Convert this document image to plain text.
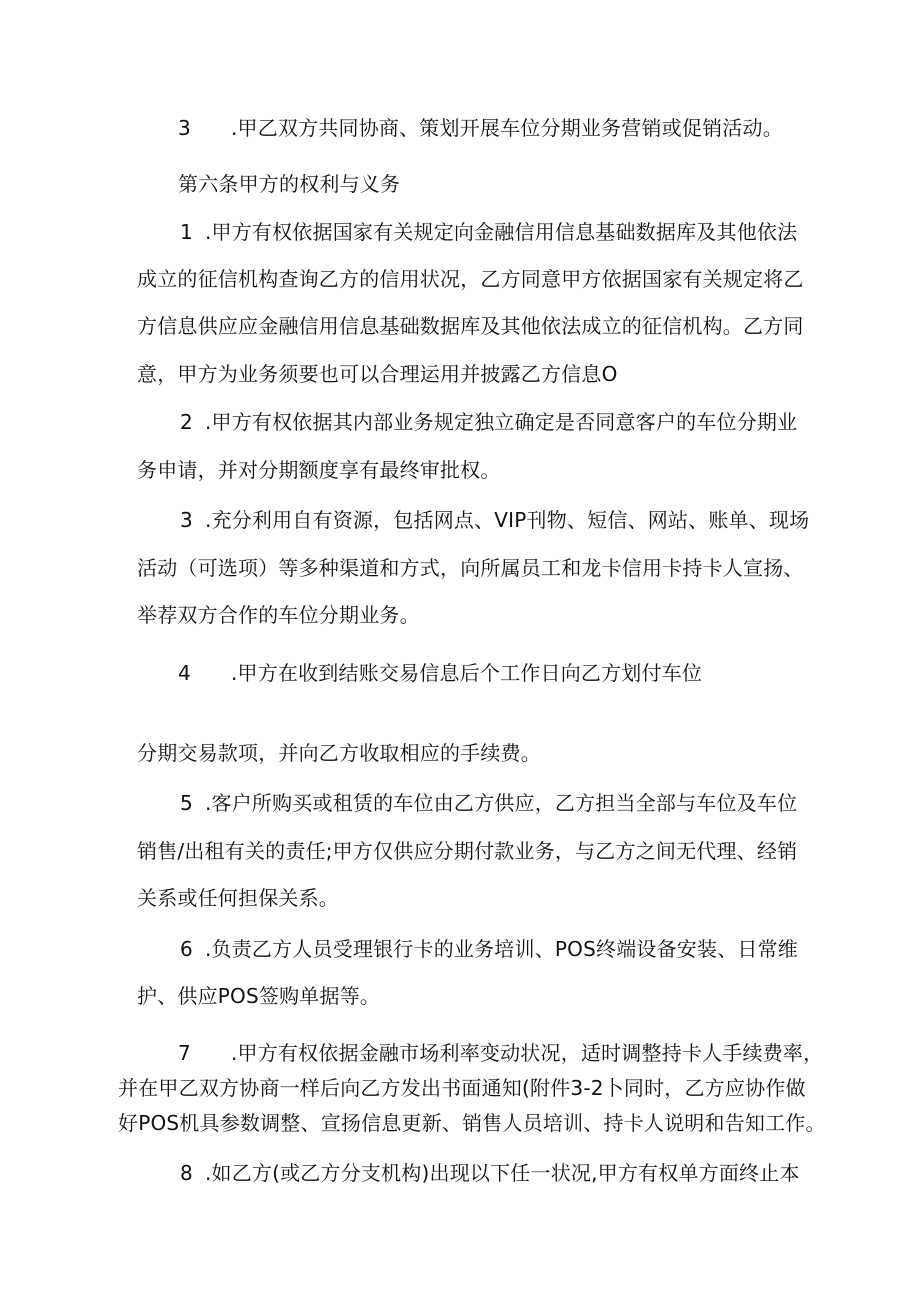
3 .甲乙双方共同协商、策划开展车位分期业务营销或促销活动。
第六条甲方的权利与义务
1 .甲方有权依据国家有关规定向金融信用信息基础数据库及其他依法
成立的征信机构查询乙方的信用状况，乙方同意甲方依据国家有关规定将乙
方信息供应应金融信用信息基础数据库及其他依法成立的征信机构。乙方同
意，甲方为业务须要也可以合理运用并披露乙方信息O
2 .甲方有权依据其内部业务规定独立确定是否同意客户的车位分期业
务申请，并对分期额度享有最终审批权。
3 .充分利用自有资源，包括网点、VIP刊物、短信、网站、账单、现场
活动（可选项）等多种渠道和方式，向所属员工和龙卡信用卡持卡人宣扬、
举荐双方合作的车位分期业务。
4 .甲方在收到结账交易信息后个工作日向乙方划付车位
分期交易款项，并向乙方收取相应的手续费。
5 .客户所购买或租赁的车位由乙方供应，乙方担当全部与车位及车位
销售/出租有关的责任;甲方仅供应分期付款业务，与乙方之间无代理、经销
关系或任何担保关系。
6 .负责乙方人员受理银行卡的业务培训、POS终端设备安装、日常维
护、供应POS签购单据等。
7 .甲方有权依据金融市场利率变动状况，适时调整持卡人手续费率，
并在甲乙双方协商一样后向乙方发出书面通知(附件3-2卜同时，乙方应协作做
好POS机具参数调整、宣扬信息更新、销售人员培训、持卡人说明和告知工作。
8 .如乙方(或乙方分支机构)出现以下任一状况,甲方有权单方面终止本
